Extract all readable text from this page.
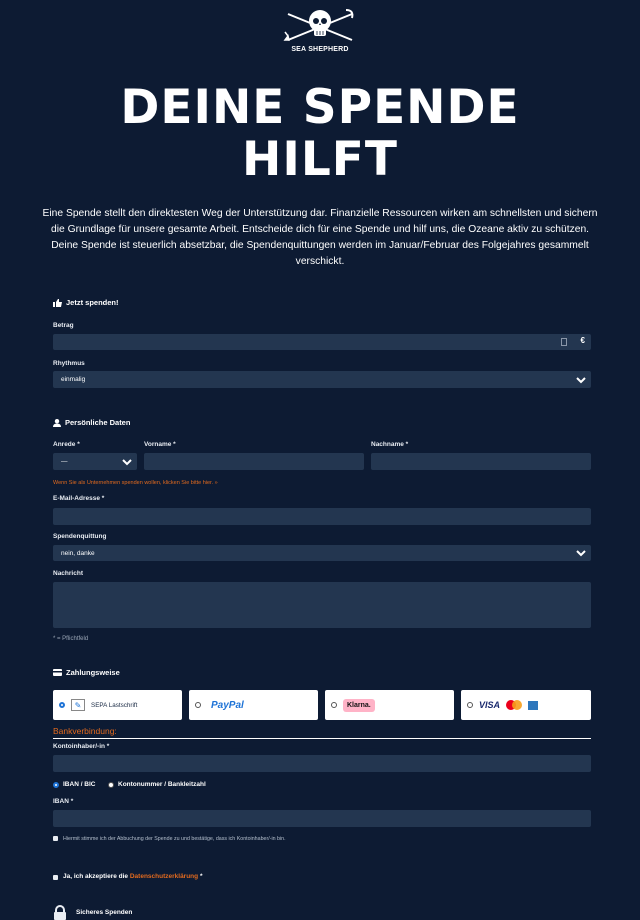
SEA SHEPHERD
DEINE SPENDE
HILFT
Eine Spende stellt den direktesten Weg der Unterstützung dar. Finanzielle Ressourcen wirken am schnellsten und sichern die Grundlage für unsere gesamte Arbeit. Entscheide dich für eine Spende und hilf uns, die Ozeane aktiv zu schützen. Deine Spende ist steuerlich absetzbar, die Spendenquittungen werden im Januar/Februar des Folgejahres gesammelt verschickt.
Jetzt spenden!
Betrag
€
Rhythmus
einmalig
Persönliche Daten
Anrede *
—
Vorname *	Nachname *
Wenn Sie als Unternehmen spenden wollen, klicken Sie bitte hier. »
E-Mail-Adresse *
Spendenquittung
nein, danke
Nachricht
* = Pflichtfeld
Zahlungsweise
✎	SEPA Lastschrift	PayPal	Klarna.	VISA
Bankverbindung:
Kontoinhaber/-in *
IBAN / BIC	Kontonummer / Bankleitzahl
IBAN *
Hiermit stimme ich der Abbuchung der Spende zu und bestätige, dass ich Kontoinhaber/-in bin.
Ja, ich akzeptiere die Datenschutzerklärung *
Sicheres Spenden
